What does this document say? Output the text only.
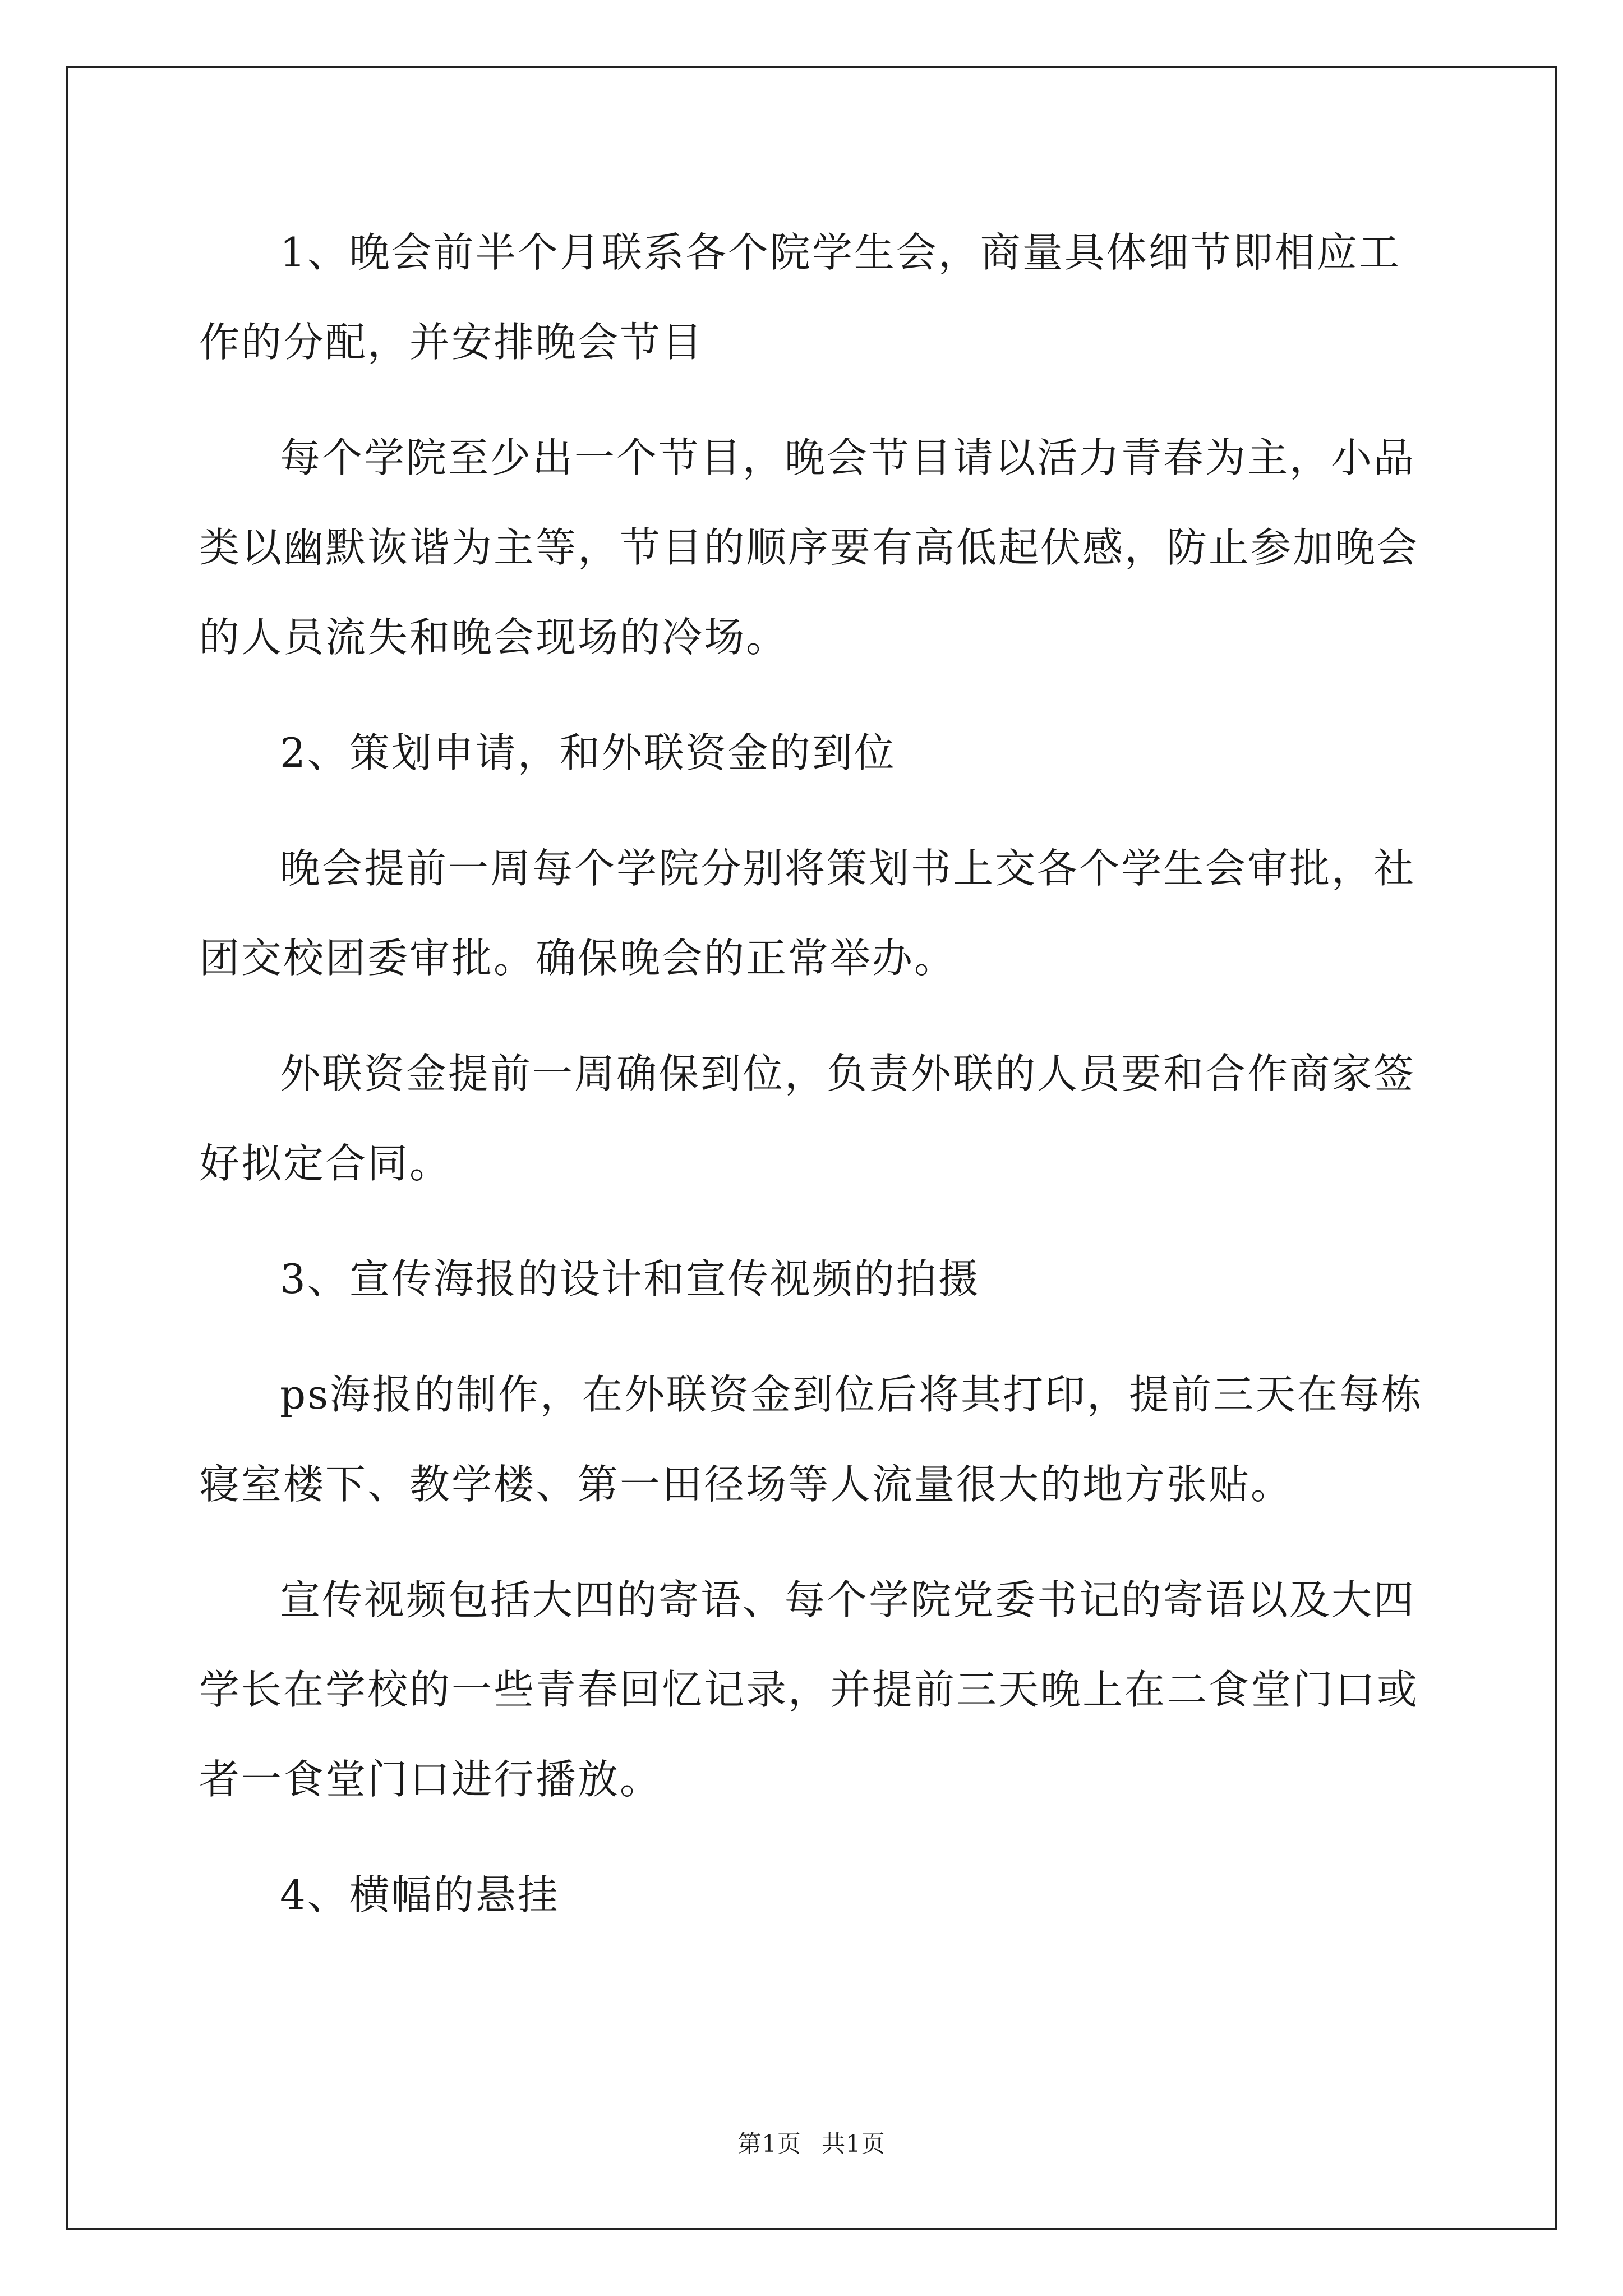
1、晚会前半个月联系各个院学生会，商量具体细节即相应工作的分配，并安排晚会节目

每个学院至少出一个节目，晚会节目请以活力青春为主，小品类以幽默诙谐为主等，节目的顺序要有高低起伏感，防止参加晚会的人员流失和晚会现场的冷场。

2、策划申请，和外联资金的到位

晚会提前一周每个学院分别将策划书上交各个学生会审批，社团交校团委审批。确保晚会的正常举办。

外联资金提前一周确保到位，负责外联的人员要和合作商家签好拟定合同。

3、宣传海报的设计和宣传视频的拍摄

ps海报的制作，在外联资金到位后将其打印，提前三天在每栋寝室楼下、教学楼、第一田径场等人流量很大的地方张贴。

宣传视频包括大四的寄语、每个学院党委书记的寄语以及大四学长在学校的一些青春回忆记录，并提前三天晚上在二食堂门口或者一食堂门口进行播放。

4、横幅的悬挂

第1页 共1页
